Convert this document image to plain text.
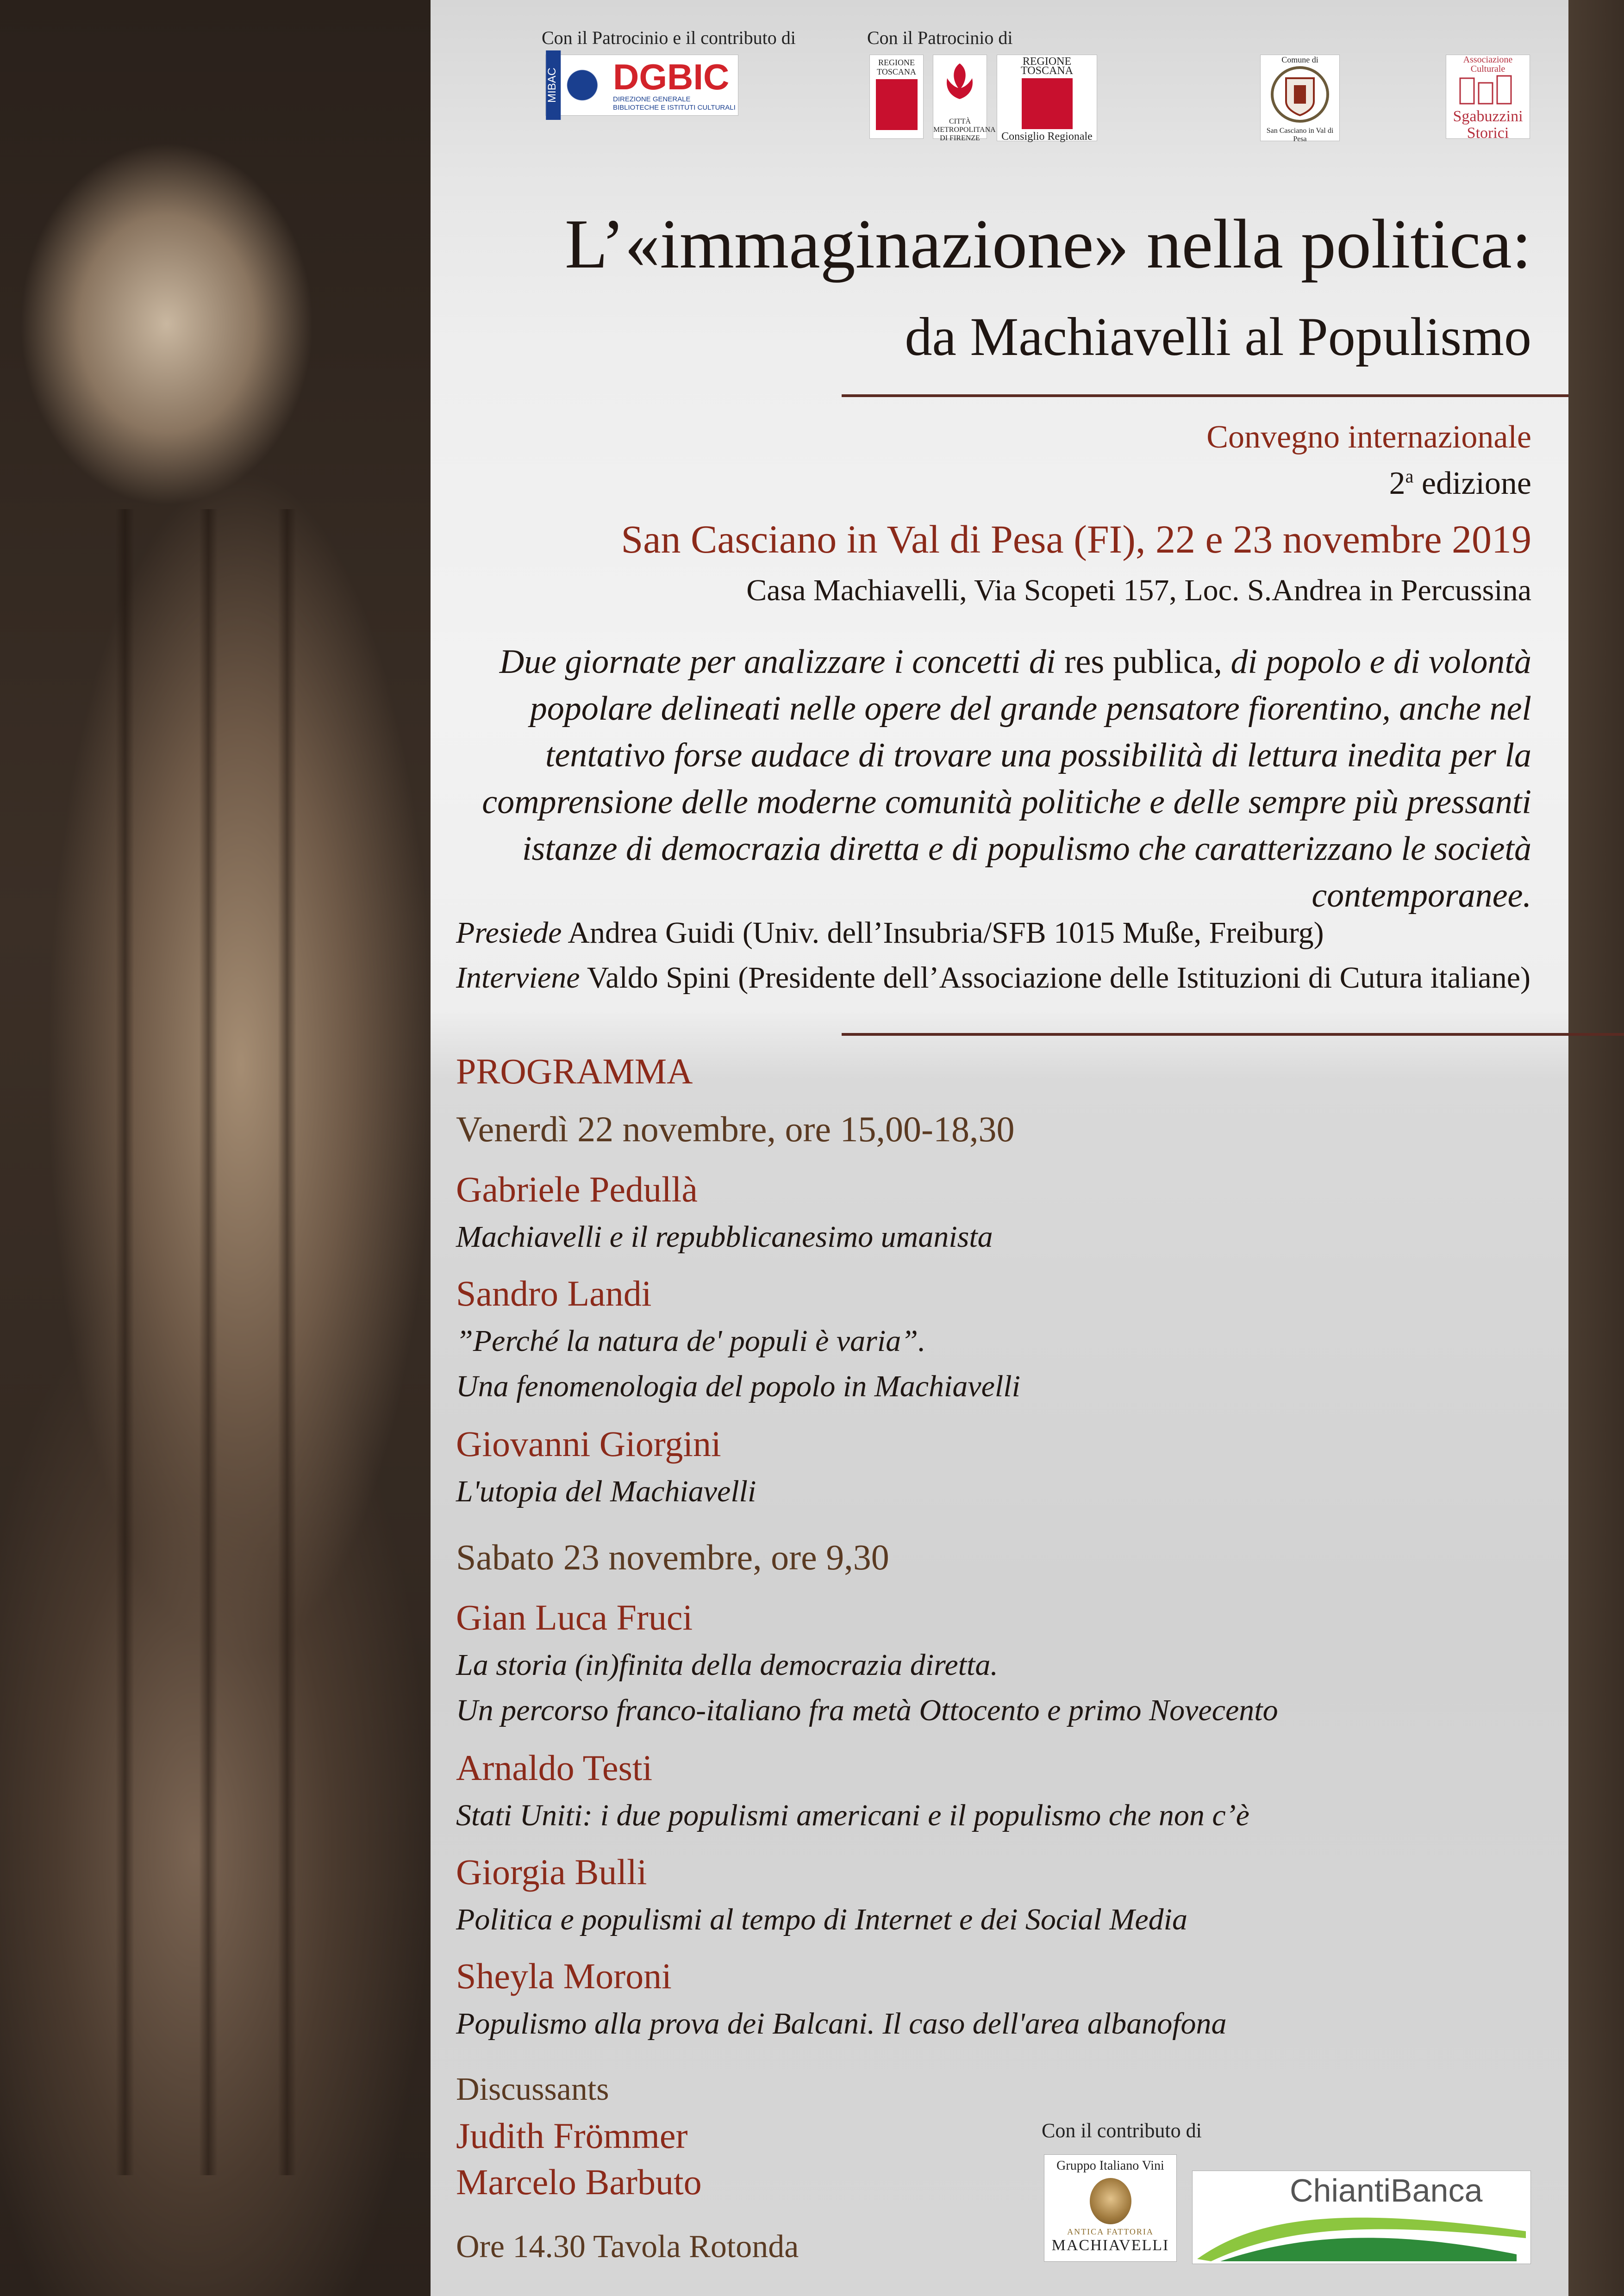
Con il Patrocinio e il contributo di	Con il Patrocinio di
MIBAC DGBIC
DIREZIONE GENERALE BIBLIOTECHE E ISTITUTI CULTURALI
REGIONE TOSCANA
CITTÀ METROPOLITANA DI FIRENZE
REGIONE TOSCANA
Consiglio Regionale
Comune di
San Casciano in Val di Pesa
Associazione Culturale
Sgabuzzini
Storici
L’«immaginazione» nella politica:
da Machiavelli al Populismo
Convegno internazionale
2$^a$ edizione
San Casciano in Val di Pesa (FI), 22 e 23 novembre 2019
Casa Machiavelli, Via Scopeti 157, Loc. S.Andrea in Percussina
Due giornate per analizzare i concetti di res publica, di popolo e di volontà popolare delineati nelle opere del grande pensatore fiorentino, anche nel tentativo forse audace di trovare una possibilità di lettura inedita per la comprensione delle moderne comunità politiche e delle sempre più pressanti istanze di democrazia diretta e di populismo che caratterizzano le società contemporanee.
Presiede Andrea Guidi (Univ. dell’Insubria/SFB 1015 Muße, Freiburg)
Interviene Valdo Spini (Presidente dell’Associazione delle Istituzioni di Cutura italiane)
PROGRAMMA
Venerdì 22 novembre, ore 15,00-18,30
Gabriele Pedullà
Machiavelli e il repubblicanesimo umanista
Sandro Landi
”Perché la natura de' populi è varia”.
Una fenomenologia del popolo in Machiavelli
Giovanni Giorgini
L'utopia del Machiavelli
Sabato 23 novembre, ore 9,30
Gian Luca Fruci
La storia (in)finita della democrazia diretta.
Un percorso franco-italiano fra metà Ottocento e primo Novecento
Arnaldo Testi
Stati Uniti: i due populismi americani e il populismo che non c’è
Giorgia Bulli
Politica e populismi al tempo di Internet e dei Social Media
Sheyla Moroni
Populismo alla prova dei Balcani. Il caso dell'area albanofona
Discussants
Judith Frömmer
Marcelo Barbuto
Ore 14.30 Tavola Rotonda
Con il contributo di
Gruppo Italiano Vini
ANTICA FATTORIA
MACHIAVELLI
ChiantiBanca
